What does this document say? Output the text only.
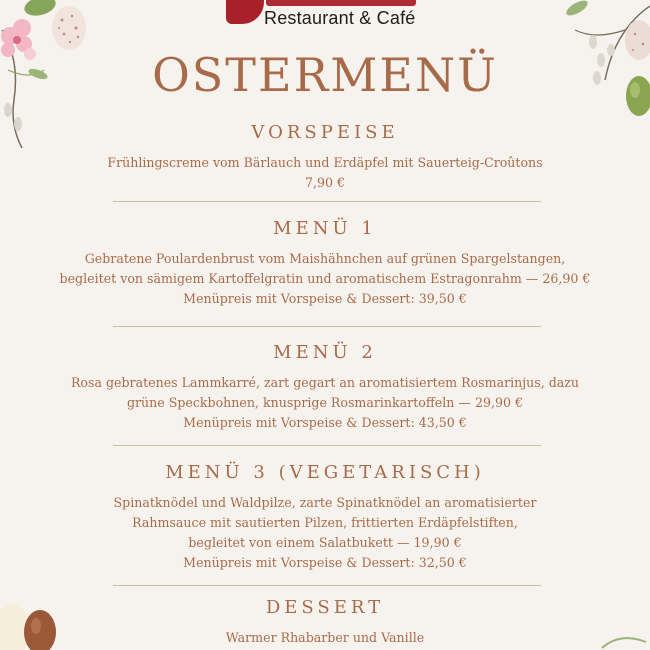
Restaurant & Café
OSTERMENÜ
VORSPEISE

Frühlingscreme vom Bärlauch und Erdäpfel mit Sauerteig-Croûtons

7,90 €

MENÜ 1

Gebratene Poulardenbrust vom Maishähnchen auf grünen Spargelstangen,

begleitet von sämigem Kartoffelgratin und aromatischem Estragonrahm — 26,90 €

Menüpreis mit Vorspeise & Dessert: 39,50 €

MENÜ 2

Rosa gebratenes Lammkarré, zart gegart an aromatisiertem Rosmarinjus, dazu

grüne Speckbohnen, knusprige Rosmarinkartoffeln — 29,90 €

Menüpreis mit Vorspeise & Dessert: 43,50 €

MENÜ 3 (VEGETARISCH)

Spinatknödel und Waldpilze, zarte Spinatknödel an aromatisierter

Rahmsauce mit sautierten Pilzen, frittierten Erdäpfelstiften,

begleitet von einem Salatbukett — 19,90 €

Menüpreis mit Vorspeise & Dessert: 32,50 €

DESSERT

Warmer Rhabarber und Vanille
